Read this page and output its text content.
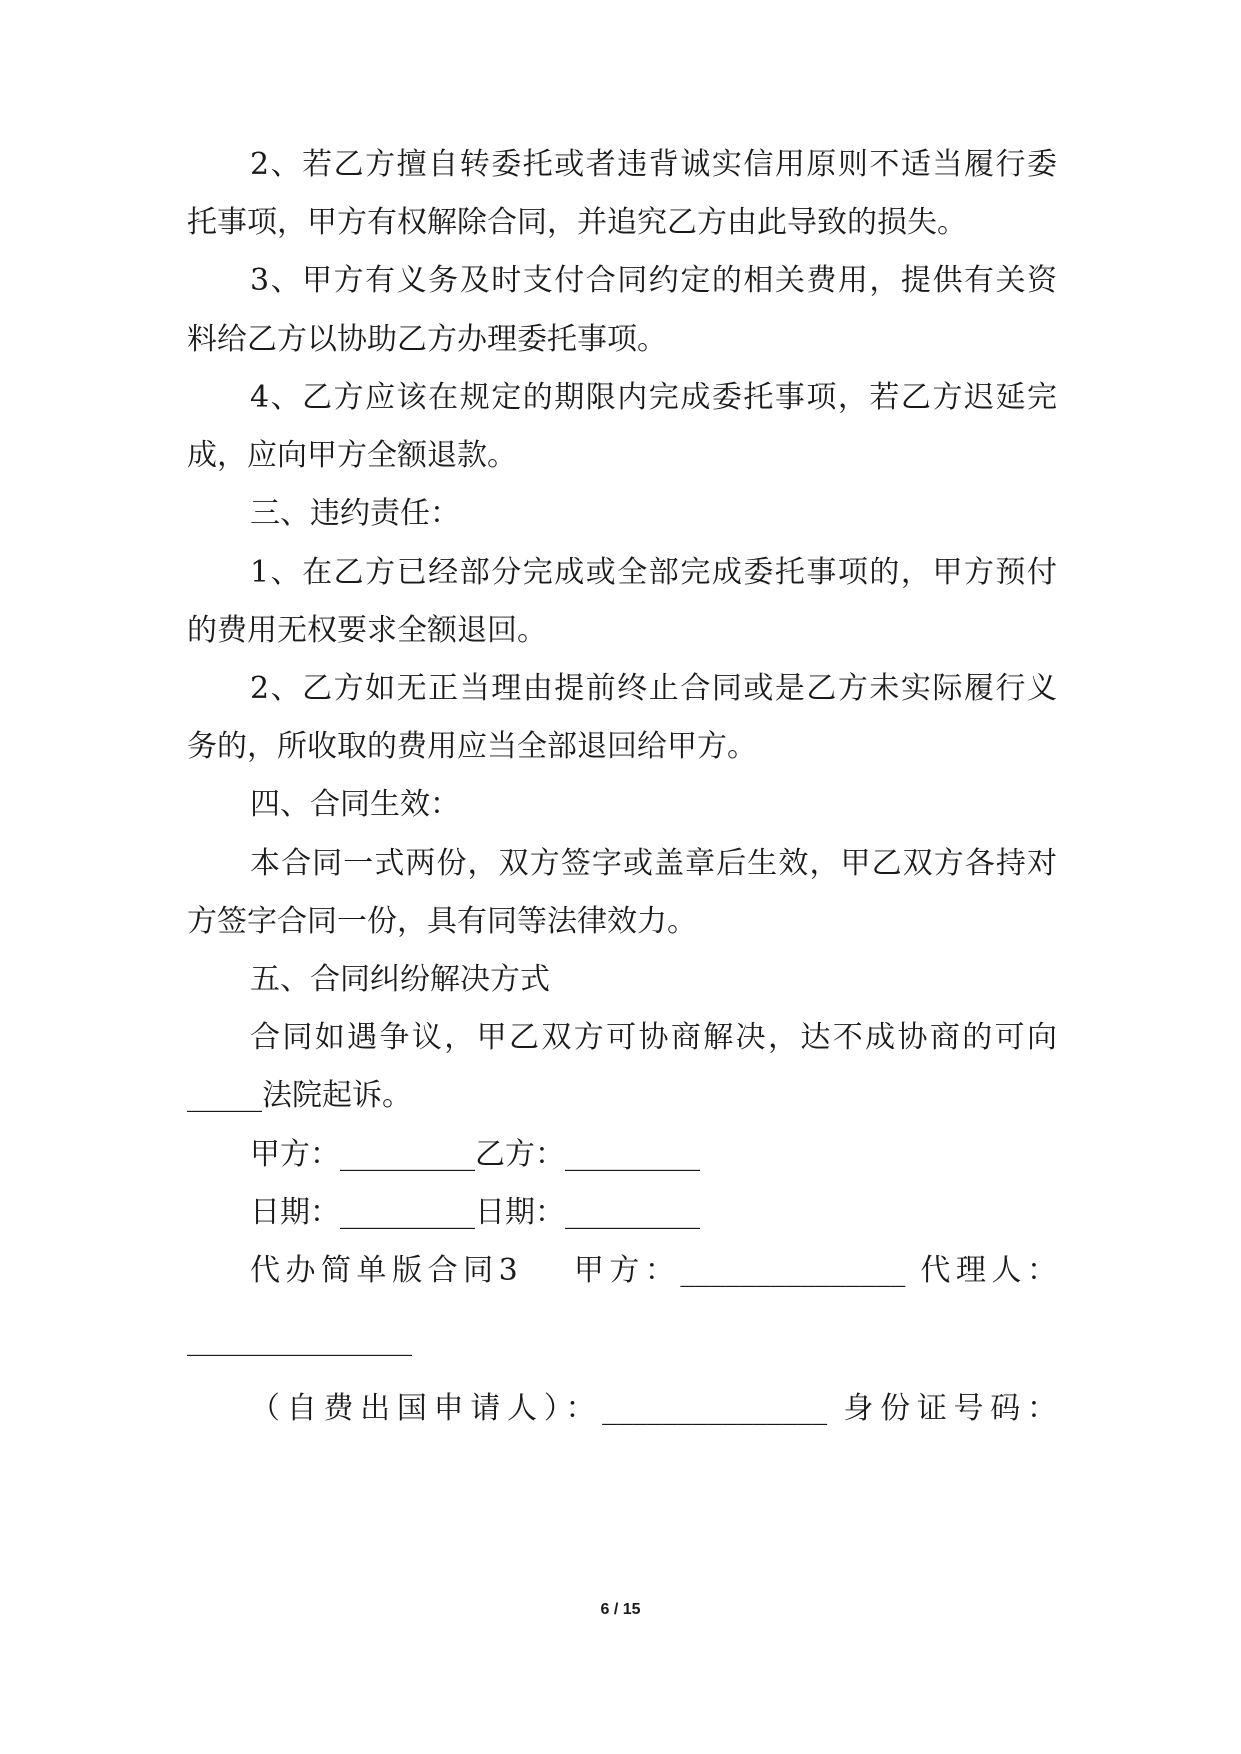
2、若乙方擅自转委托或者违背诚实信用原则不适当履行委
托事项，甲方有权解除合同，并追究乙方由此导致的损失。
3、甲方有义务及时支付合同约定的相关费用，提供有关资
料给乙方以协助乙方办理委托事项。
4、乙方应该在规定的期限内完成委托事项，若乙方迟延完
成，应向甲方全额退款。
三、违约责任：
1、在乙方已经部分完成或全部完成委托事项的，甲方预付
的费用无权要求全额退回。
2、乙方如无正当理由提前终止合同或是乙方未实际履行义
务的，所收取的费用应当全部退回给甲方。
四、合同生效：
本合同一式两份，双方签字或盖章后生效，甲乙双方各持对
方签字合同一份，具有同等法律效力。
五、合同纠纷解决方式
合同如遇争议，甲乙双方可协商解决，达不成协商的可向
_____法院起诉。
甲方：_________乙方：_________
日期：_________日期：_________
代办简单版合同3　 甲方：_______________ 代理人：
_______________
（自费出国申请人）：_______________ 身份证号码：
6 / 15
